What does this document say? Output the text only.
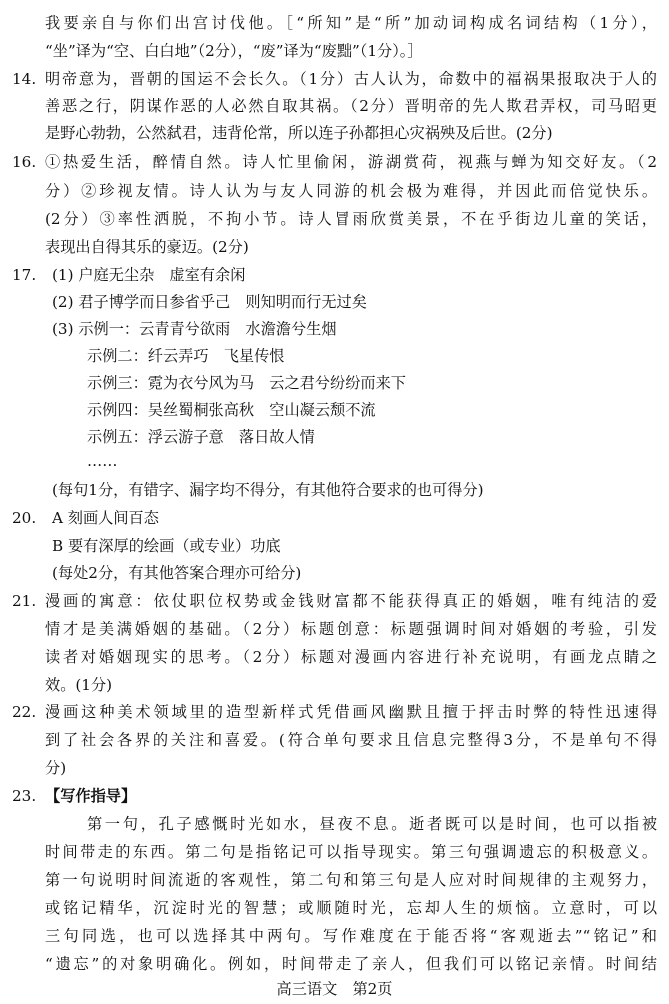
我要亲自与你们出宫讨伐他。［“所知”是“所”加动词构成名词结构（1分），
“坐”译为“空、白白地”（2分），“废”译为“废黜”（1分）。］
14. 明帝意为，晋朝的国运不会长久。（1分）古人认为，命数中的福祸果报取决于人的
善恶之行，阴谋作恶的人必然自取其祸。（2分）晋明帝的先人欺君弄权，司马昭更
是野心勃勃，公然弑君，违背伦常，所以连子孙都担心灾祸殃及后世。(2分)
16. ①热爱生活，醉情自然。诗人忙里偷闲，游湖赏荷，视燕与蝉为知交好友。（2
分）②珍视友情。诗人认为与友人同游的机会极为难得，并因此而倍觉快乐。
(2分）③率性洒脱，不拘小节。诗人冒雨欣赏美景，不在乎街边儿童的笑话，
表现出自得其乐的豪迈。(2分)
17. (1) 户庭无尘杂　虚室有余闲
(2) 君子博学而日参省乎己　则知明而行无过矣
(3) 示例一：云青青兮欲雨　水澹澹兮生烟
示例二：纤云弄巧　飞星传恨
示例三：霓为衣兮风为马　云之君兮纷纷而来下
示例四：吴丝蜀桐张高秋　空山凝云颓不流
示例五：浮云游子意　落日故人情
……
(每句1分，有错字、漏字均不得分，有其他符合要求的也可得分)
20. A 刻画人间百态
B 要有深厚的绘画（或专业）功底
(每处2分，有其他答案合理亦可给分)
21. 漫画的寓意：依仗职位权势或金钱财富都不能获得真正的婚姻，唯有纯洁的爱
情才是美满婚姻的基础。（2分）标题创意：标题强调时间对婚姻的考验，引发
读者对婚姻现实的思考。（2分）标题对漫画内容进行补充说明，有画龙点睛之
效。(1分)
22. 漫画这种美术领域里的造型新样式凭借画风幽默且擅于抨击时弊的特性迅速得
到了社会各界的关注和喜爱。(符合单句要求且信息完整得3分，不是单句不得
分)
23. 【写作指导】
第一句，孔子感慨时光如水，昼夜不息。逝者既可以是时间，也可以指被
时间带走的东西。第二句是指铭记可以指导现实。第三句强调遗忘的积极意义。
第一句说明时间流逝的客观性，第二句和第三句是人应对时间规律的主观努力，
或铭记精华，沉淀时光的智慧；或顺随时光，忘却人生的烦恼。立意时，可以
三句同选，也可以选择其中两句。写作难度在于能否将“客观逝去”“铭记”和
“遗忘”的对象明确化。例如，时间带走了亲人，但我们可以铭记亲情。时间结
高三语文　第2页
